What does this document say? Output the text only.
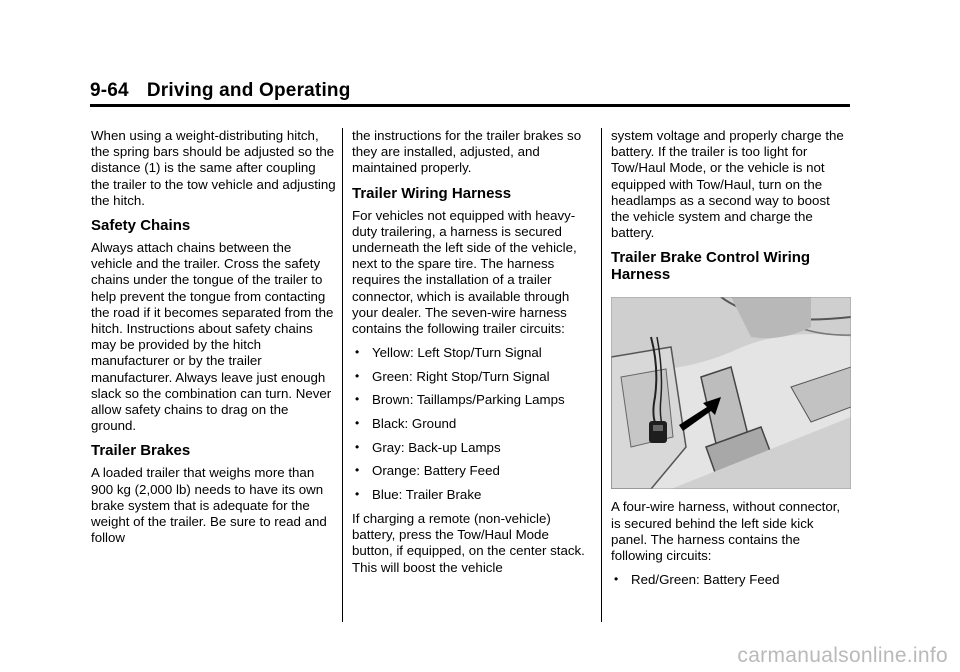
9-64 Driving and Operating

When using a weight-distributing hitch, the spring bars should be adjusted so the distance (1) is the same after coupling the trailer to the tow vehicle and adjusting the hitch.

Safety Chains

Always attach chains between the vehicle and the trailer. Cross the safety chains under the tongue of the trailer to help prevent the tongue from contacting the road if it becomes separated from the hitch. Instructions about safety chains may be provided by the hitch manufacturer or by the trailer manufacturer. Always leave just enough slack so the combination can turn. Never allow safety chains to drag on the ground.

Trailer Brakes

A loaded trailer that weighs more than 900 kg (2,000 lb) needs to have its own brake system that is adequate for the weight of the trailer. Be sure to read and follow

the instructions for the trailer brakes so they are installed, adjusted, and maintained properly.

Trailer Wiring Harness

For vehicles not equipped with heavy-duty trailering, a harness is secured underneath the left side of the vehicle, next to the spare tire. The harness requires the installation of a trailer connector, which is available through your dealer. The seven-wire harness contains the following trailer circuits:

• Yellow: Left Stop/Turn Signal
• Green: Right Stop/Turn Signal
• Brown: Taillamps/Parking Lamps
• Black: Ground
• Gray: Back-up Lamps
• Orange: Battery Feed
• Blue: Trailer Brake

If charging a remote (non-vehicle) battery, press the Tow/Haul Mode button, if equipped, on the center stack. This will boost the vehicle

system voltage and properly charge the battery. If the trailer is too light for Tow/Haul Mode, or the vehicle is not equipped with Tow/Haul, turn on the headlamps as a second way to boost the vehicle system and charge the battery.

Trailer Brake Control Wiring Harness

A four-wire harness, without connector, is secured behind the left side kick panel. The harness contains the following circuits:

• Red/Green: Battery Feed
carmanualsonline.info
